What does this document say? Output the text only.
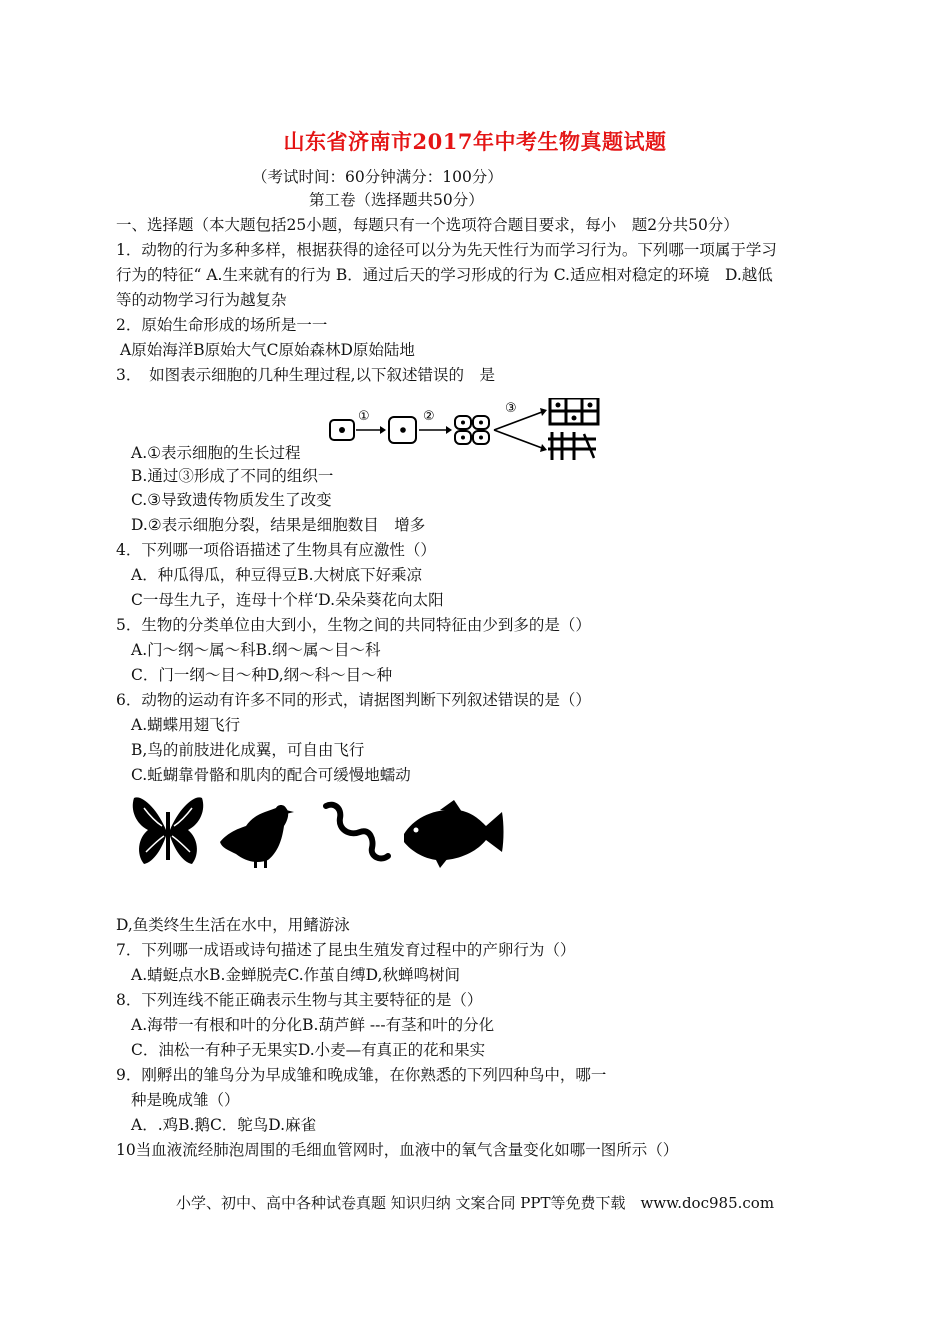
山东省济南市2017年中考生物真题试题
（考试时间：60分钟满分：100分）
第工卷（选择题共50分）
一、选择题（本大题包括25小题，每题只有一个选项符合题目要求，每小　题2分共50分）
1．动物的行为多种多样，根据获得的途径可以分为先天性行为而学习行为。下列哪一项属于学习
行为的特征“ A.生来就有的行为 B．通过后天的学习形成的行为 C.适应相对稳定的环境　D.越低
等的动物学习行为越复杂
2．原始生命形成的场所是一一
A原始海洋B原始大气C原始森林D原始陆地
3．　如图表示细胞的几种生理过程,以下叙述错误的　是
①	②
③
A.①表示细胞的生长过程
B.通过③形成了不同的组织一
C.③导致遗传物质发生了改变
D.②表示细胞分裂，结果是细胞数目　增多
4．下列哪一项俗语描述了生物具有应激性（）
A．种瓜得瓜，种豆得豆B.大树底下好乘凉
C一母生九子，连母十个样‘D.朵朵葵花向太阳
5．生物的分类单位由大到小，生物之间的共同特征由少到多的是（）
A.门～纲～属～科B.纲～属～目～科
C．门一纲～目～种D,纲～科～目～种
6．动物的运动有许多不同的形式，请据图判断下列叙述错误的是（）
A.蝴蝶用翅飞行
B,鸟的前肢进化成翼，可自由飞行
C.蚯蝴靠骨骼和肌肉的配合可缓慢地蠕动
D,鱼类终生生活在水中，用鳍游泳
7．下列哪一成语或诗句描述了昆虫生殖发育过程中的产卵行为（）
A.蜻蜓点水B.金蝉脱壳C.作茧自缚D,秋蝉鸣树间
8．下列连线不能正确表示生物与其主要特征的是（）
A.海带一有根和叶的分化B.葫芦鲜 ---有茎和叶的分化
C．油松一有种子无果实D.小麦—有真正的花和果实
9．刚孵出的雏鸟分为早成雏和晚成雏，在你熟悉的下列四种鸟中，哪一
种是晚成雏（）
A．.鸡B.鹅C．鸵鸟D.麻雀
10当血液流经肺泡周围的毛细血管网时，血液中的氧气含量变化如哪一图所示（）
小学、初中、高中各种试卷真题 知识归纳 文案合同 PPT等免费下载　www.doc985.com
